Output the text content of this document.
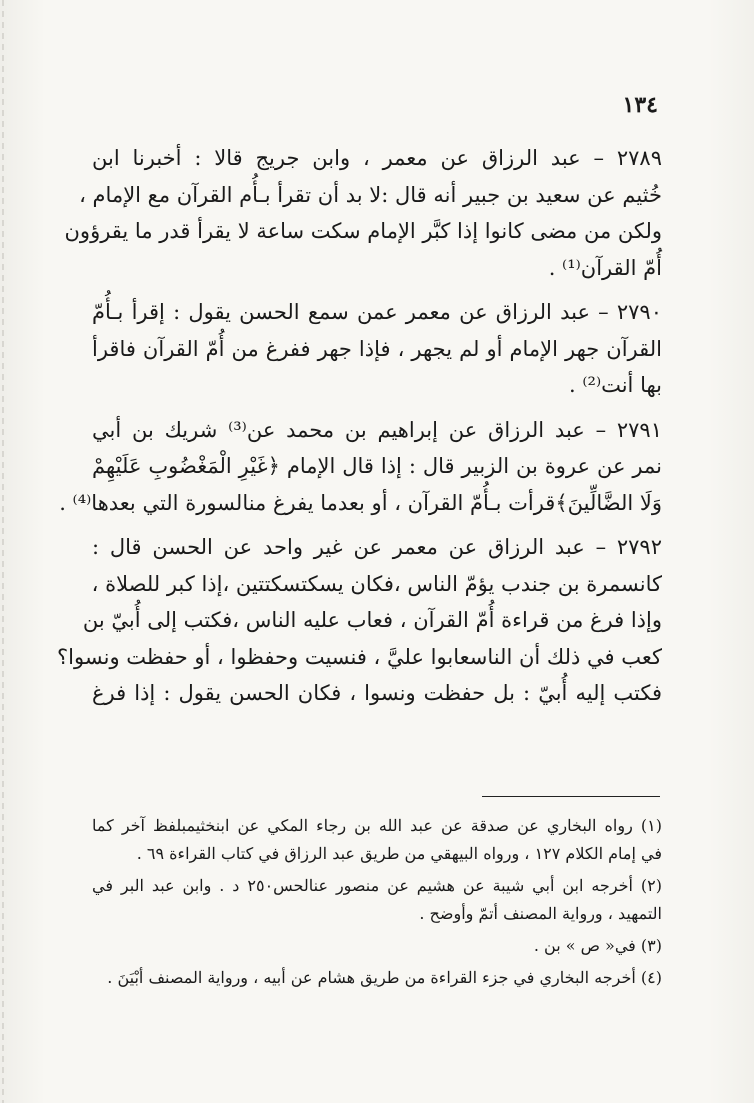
١٣٤
٢٧٨٩ – عبد الرزاق عن معمر ، وابن جريج قالا : أخبرنا ابن
خُثيم عن سعيد بن جبير أنه قال :لا بد أن تقرأ بـأُم القرآن مع الإمام ،
ولكن من مضى كانوا إذا كبَّر الإمام سكت ساعة لا يقرأ قدر ما يقرؤون
أُمّ القرآن⁽¹⁾ .
٢٧٩٠ – عبد الرزاق عن معمر عمن سمع الحسن يقول : إقرأ بـأُمّ
القرآن جهر الإمام أو لم يجهر ، فإذا جهر ففرغ من أُمّ القرآن فاقرأ
بها أنت⁽²⁾ .
٢٧٩١ – عبد الرزاق عن إبراهيم بن محمد عن⁽³⁾ شريك بن أبي
نمر عن عروة بن الزبير قال : إذا قال الإمام ﴿غَيْرِ الْمَغْضُوبِ عَلَيْهِمْ
وَلَا الضَّالِّينَ﴾قرأت بـأُمّ القرآن ، أو بعدما يفرغ منالسورة التي بعدها⁽⁴⁾ .
٢٧٩٢ – عبد الرزاق عن معمر عن غير واحد عن الحسن قال :
كانسمرة بن جندب يؤمّ الناس ،فكان يسكتسكتتين ،إذا كبر للصلاة ،
وإذا فرغ من قراءة أُمّ القرآن ، فعاب عليه الناس ،فكتب إلى أُبيّ بن
كعب في ذلك أن الناسعابوا عليَّ ، فنسيت وحفظوا ، أو حفظت ونسوا؟
فكتب إليه أُبيّ : بل حفظت ونسوا ، فكان الحسن يقول : إذا فرغ
(١) رواه البخاري عن صدقة عن عبد الله بن رجاء المكي عن ابنخثيمبلفظ آخر كما
في إمام الكلام ١٢٧ ، ورواه البيهقي من طريق عبد الرزاق في كتاب القراءة ٦٩ .
(٢) أخرجه ابن أبي شيبة عن هشيم عن منصور عنالحس٢٥٠ د . وابن عبد البر في
التمهيد ، ورواية المصنف أتمّ وأوضح .
(٣) في« ص » بن .
(٤) أخرجه البخاري في جزء القراءة من طريق هشام عن أبيه ، ورواية المصنف أبْيَنَ .
